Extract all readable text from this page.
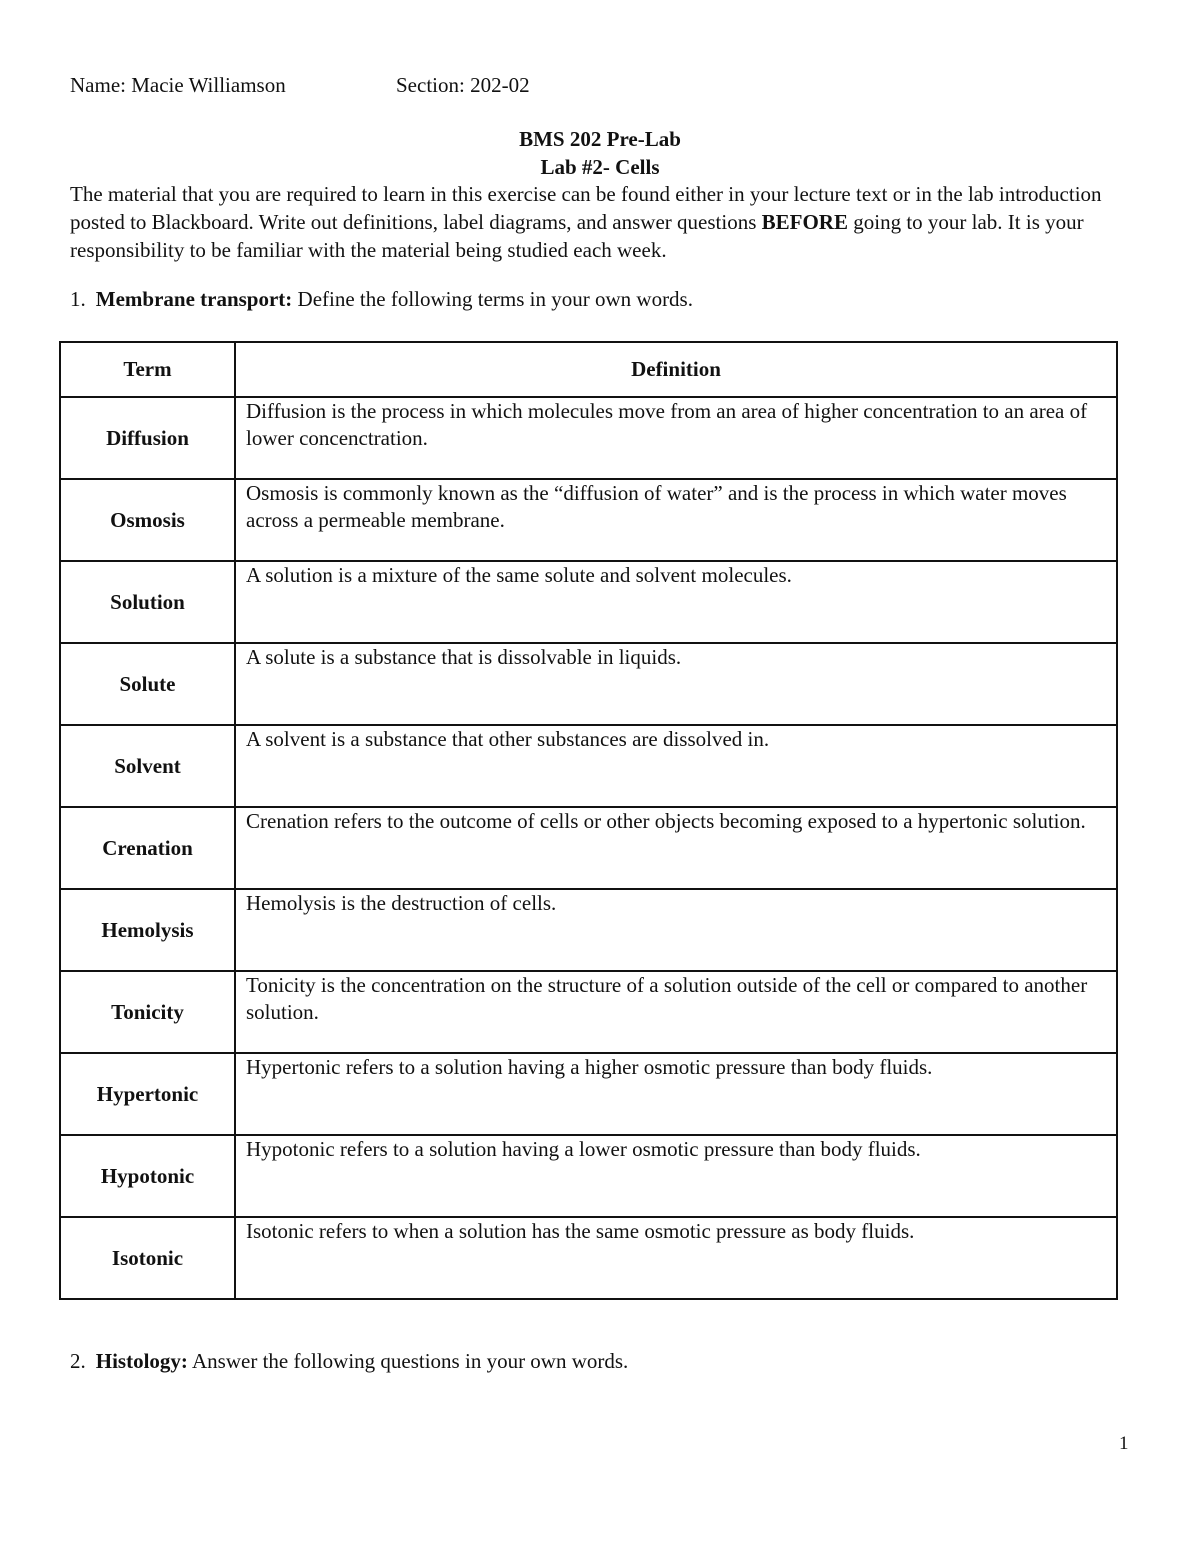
Name: Macie Williamson	Section: 202-02
BMS 202 Pre-Lab
Lab #2- Cells
The material that you are required to learn in this exercise can be found either in your lecture text or in the lab introduction posted to Blackboard. Write out definitions, label diagrams, and answer questions BEFORE going to your lab. It is your responsibility to be familiar with the material being studied each week.
1. Membrane transport: Define the following terms in your own words.
Term	Definition
Diffusion	Diffusion is the process in which molecules move from an area of higher concentration to an area of lower concenctration.
Osmosis	Osmosis is commonly known as the “diffusion of water” and is the process in which water moves across a permeable membrane.
Solution	A solution is a mixture of the same solute and solvent molecules.
Solute	A solute is a substance that is dissolvable in liquids.
Solvent	A solvent is a substance that other substances are dissolved in.
Crenation	Crenation refers to the outcome of cells or other objects becoming exposed to a hypertonic solution.
Hemolysis	Hemolysis is the destruction of cells.
Tonicity	Tonicity is the concentration on the structure of a solution outside of the cell or compared to another solution.
Hypertonic	Hypertonic refers to a solution having a higher osmotic pressure than body fluids.
Hypotonic	Hypotonic refers to a solution having a lower osmotic pressure than body fluids.
Isotonic	Isotonic refers to when a solution has the same osmotic pressure as body fluids.
2. Histology: Answer the following questions in your own words.
1
